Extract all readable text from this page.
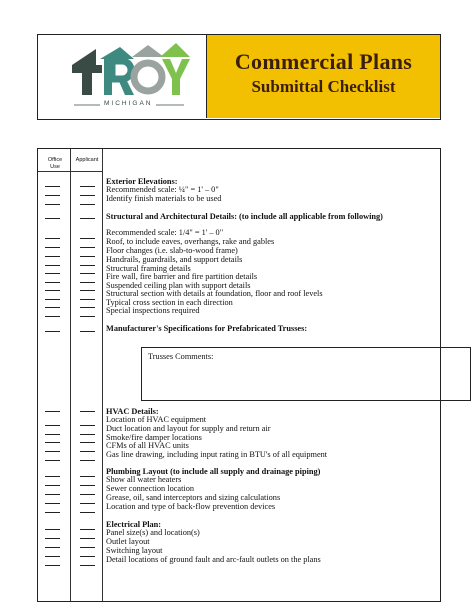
MICHIGAN
Commercial Plans
Submittal Checklist
Office Use
Applicant
Trusses Comments:
Exterior Elevations:
Recommended scale: ¼" = 1' – 0"
Identify finish materials to be used
Structural and Architectural Details: (to include all applicable from following)
Recommended scale: 1/4" = 1' – 0"
Roof, to include eaves, overhangs, rake and gables
Floor changes (i.e. slab-to-wood frame)
Handrails, guardrails, and support details
Structural framing details
Fire wall, fire barrier and fire partition details
Suspended ceiling plan with support details
Structural section with details at foundation, floor and roof levels
Typical cross section in each direction
Special inspections required
Manufacturer's Specifications for Prefabricated Trusses:
HVAC Details:
Location of HVAC equipment
Duct location and layout for supply and return air
Smoke/fire damper locations
CFMs of all HVAC units
Gas line drawing, including input rating in BTU's of all equipment
Plumbing Layout (to include all supply and drainage piping)
Show all water heaters
Sewer connection location
Grease, oil, sand interceptors and sizing calculations
Location and type of back-flow prevention devices
Electrical Plan:
Panel size(s) and location(s)
Outlet layout
Switching layout
Detail locations of ground fault and arc-fault outlets on the plans
